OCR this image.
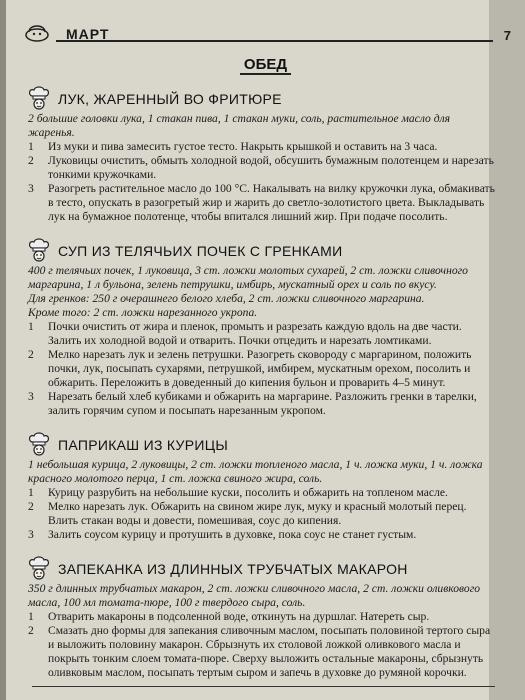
МАРТ	7
ОБЕД
ЛУК, ЖАРЕННЫЙ ВО ФРИТЮРЕ
2 большие головки лука, 1 стакан пива, 1 стакан муки, соль, растительное масло для жаренья.
1 Из муки и пива замесить густое тесто. Накрыть крышкой и оставить на 3 часа.
2 Луковицы очистить, обмыть холодной водой, обсушить бумажным полотенцем и нарезать тонкими кружочками.
3 Разогреть растительное масло до 100 °С. Накалывать на вилку кружочки лука, обмакивать в тесто, опускать в разогретый жир и жарить до светло-золотистого цвета. Выкладывать лук на бумажное полотенце, чтобы впитался лишний жир. При подаче посолить.
СУП ИЗ ТЕЛЯЧЬИХ ПОЧЕК С ГРЕНКАМИ
400 г телячьих почек, 1 луковица, 3 ст. ложки молотых сухарей, 2 ст. ложки сливочного маргарина, 1 л бульона, зелень петрушки, имбирь, мускатный орех и соль по вкусу.
Для гренков: 250 г очерашнего белого хлеба, 2 ст. ложки сливочного маргарина.
Кроме того: 2 ст. ложки нарезанного укропа.
1 Почки очистить от жира и пленок, промыть и разрезать каждую вдоль на две части. Залить их холодной водой и отварить. Почки отцедить и нарезать ломтиками.
2 Мелко нарезать лук и зелень петрушки. Разогреть сковороду с маргарином, положить почки, лук, посыпать сухарями, петрушкой, имбирем, мускатным орехом, посолить и обжарить. Переложить в доведенный до кипения бульон и проварить 4–5 минут.
3 Нарезать белый хлеб кубиками и обжарить на маргарине. Разложить гренки в тарелки, залить горячим супом и посыпать нарезанным укропом.
ПАПРИКАШ ИЗ КУРИЦЫ
1 небольшая курица, 2 луковицы, 2 ст. ложки топленого масла, 1 ч. ложка муки, 1 ч. ложка красного молотого перца, 1 ст. ложка свиного жира, соль.
1 Курицу разрубить на небольшие куски, посолить и обжарить на топленом масле.
2 Мелко нарезать лук. Обжарить на свином жире лук, муку и красный молотый перец. Влить стакан воды и довести, помешивая, соус до кипения.
3 Залить соусом курицу и протушить в духовке, пока соус не станет густым.
ЗАПЕКАНКА ИЗ ДЛИННЫХ ТРУБЧАТЫХ МАКАРОН
350 г длинных трубчатых макарон, 2 ст. ложки сливочного масла, 2 ст. ложки оливкового масла, 100 мл томата-пюре, 100 г твердого сыра, соль.
1 Отварить макароны в подсоленной воде, откинуть на дуршлаг. Натереть сыр.
2 Смазать дно формы для запекания сливочным маслом, посыпать половиной тертого сыра и выложить половину макарон. Сбрызнуть их столовой ложкой оливкового масла и покрыть тонким слоем томата-пюре. Сверху выложить остальные макароны, сбрызнуть оливковым маслом, посыпать тертым сыром и запечь в духовке до румяной корочки.
